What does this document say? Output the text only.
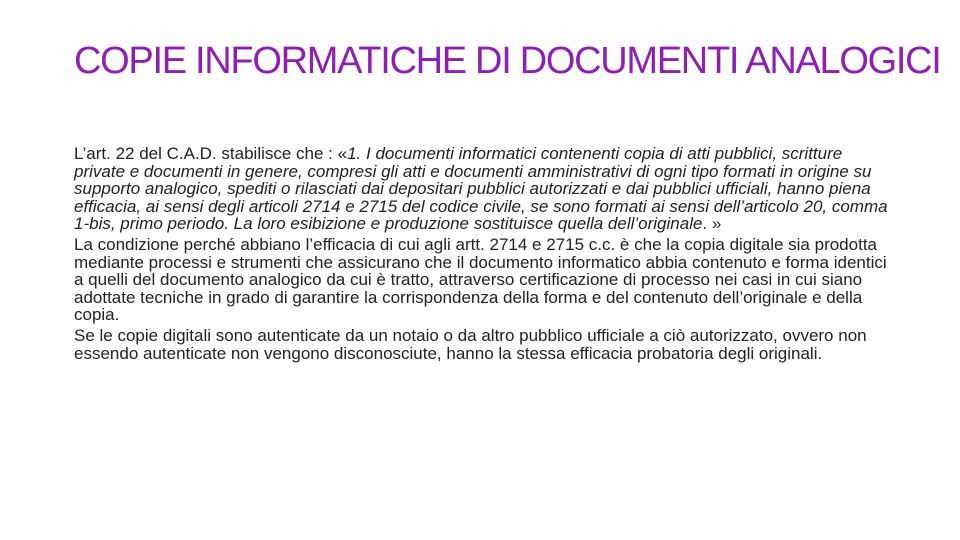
COPIE INFORMATICHE DI DOCUMENTI ANALOGICI

L’art. 22 del C.A.D. stabilisce che : «1. I documenti informatici contenenti copia di atti pubblici, scritture private e documenti in genere, compresi gli atti e documenti amministrativi di ogni tipo formati in origine su supporto analogico, spediti o rilasciati dai depositari pubblici autorizzati e dai pubblici ufficiali, hanno piena efficacia, ai sensi degli articoli 2714 e 2715 del codice civile, se sono formati ai sensi dell’articolo 20, comma 1-bis, primo periodo. La loro esibizione e produzione sostituisce quella dell’originale. »

La condizione perché abbiano l’efficacia di cui agli artt. 2714 e 2715 c.c. è che la copia digitale sia prodotta mediante processi e strumenti che assicurano che il documento informatico abbia contenuto e forma identici a quelli del documento analogico da cui è tratto, attraverso certificazione di processo nei casi in cui siano adottate tecniche in grado di garantire la corrispondenza della forma e del contenuto dell’originale e della copia.

Se le copie digitali sono autenticate da un notaio o da altro pubblico ufficiale a ciò autorizzato, ovvero non essendo autenticate non vengono disconosciute, hanno la stessa efficacia probatoria degli originali.
